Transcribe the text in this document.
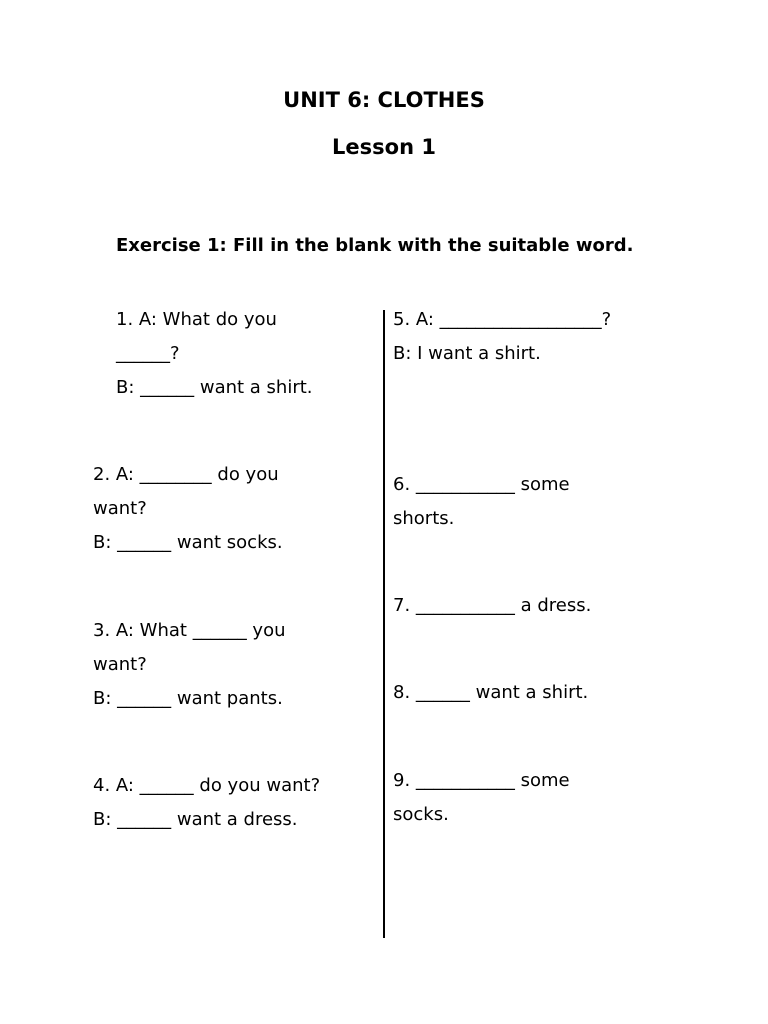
UNIT 6: CLOTHES
Lesson 1

Exercise 1: Fill in the blank with the suitable word.

1. A: What do you
______?
B: ______ want a shirt.
2. A: ________ do you
want?
B: ______ want socks.
3. A: What ______ you
want?
B: ______ want pants.
4. A: ______ do you want?
B: ______ want a dress.
5. A: __________________?
B: I want a shirt.
6. ___________ some
shorts.
7. ___________ a dress.
8. ______ want a shirt.
9. ___________ some
socks.
